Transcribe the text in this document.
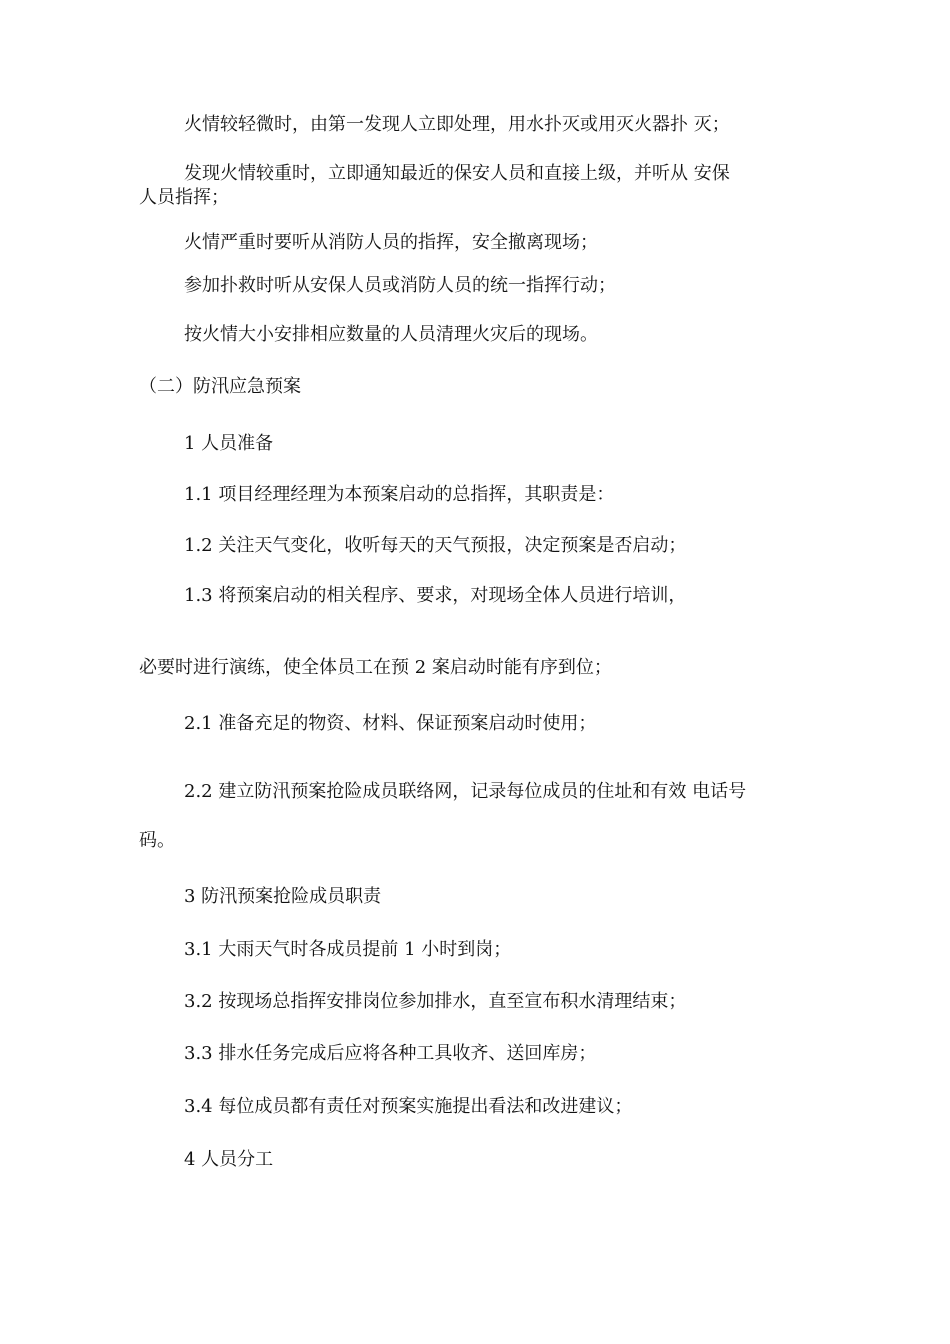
火情较轻微时，由第一发现人立即处理，用水扑灭或用灭火器扑 灭；
发现火情较重时，立即通知最近的保安人员和直接上级，并听从 安保
人员指挥；
火情严重时要听从消防人员的指挥，安全撤离现场；
参加扑救时听从安保人员或消防人员的统一指挥行动；
按火情大小安排相应数量的人员清理火灾后的现场。
（二）防汛应急预案
1 人员准备
1.1 项目经理经理为本预案启动的总指挥，其职责是：
1.2 关注天气变化，收听每天的天气预报，决定预案是否启动；
1.3 将预案启动的相关程序、要求，对现场全体人员进行培训，
必要时进行演练，使全体员工在预 2 案启动时能有序到位；
2.1 准备充足的物资、材料、保证预案启动时使用；
2.2 建立防汛预案抢险成员联络网，记录每位成员的住址和有效 电话号
码。
3 防汛预案抢险成员职责
3.1 大雨天气时各成员提前 1 小时到岗；
3.2 按现场总指挥安排岗位参加排水，直至宣布积水清理结束；
3.3 排水任务完成后应将各种工具收齐、送回库房；
3.4 每位成员都有责任对预案实施提出看法和改进建议；
4 人员分工
